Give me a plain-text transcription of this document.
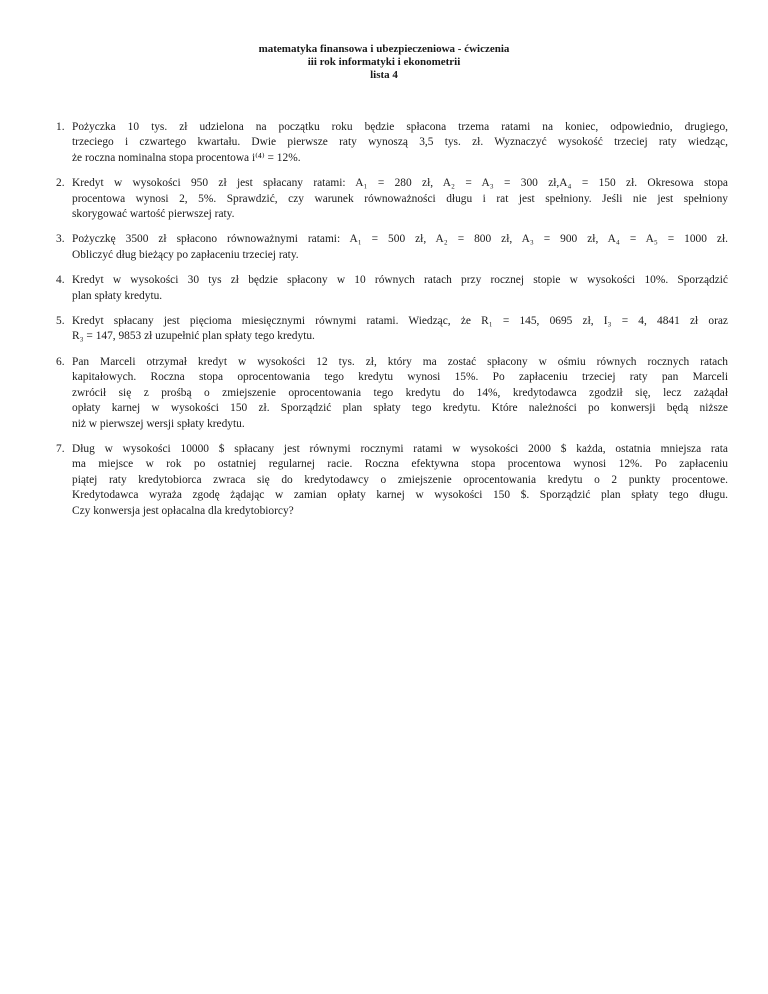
matematyka finansowa i ubezpieczeniowa - ćwiczenia
iii rok informatyki i ekonometrii
lista 4
1. Pożyczka 10 tys. zł udzielona na początku roku będzie spłacona trzema ratami na koniec, odpowiednio, drugiego,
trzeciego i czwartego kwartału. Dwie pierwsze raty wynoszą 3,5 tys. zł. Wyznaczyć wysokość trzeciej raty wiedząc,
że roczna nominalna stopa procentowa i⁽⁴⁾ = 12%.
2. Kredyt w wysokości 950 zł jest spłacany ratami: A₁ = 280 zł, A₂ = A₃ = 300 zł,A₄ = 150 zł. Okresowa stopa
procentowa wynosi 2, 5%. Sprawdzić, czy warunek równoważności długu i rat jest spełniony. Jeśli nie jest spełniony
skorygować wartość pierwszej raty.
3. Pożyczkę 3500 zł spłacono równoważnymi ratami: A₁ = 500 zł, A₂ = 800 zł, A₃ = 900 zł, A₄ = A₅ = 1000 zł.
Obliczyć dług bieżący po zapłaceniu trzeciej raty.
4. Kredyt w wysokości 30 tys zł będzie spłacony w 10 równych ratach przy rocznej stopie w wysokości 10%. Sporządzić
plan spłaty kredytu.
5. Kredyt spłacany jest pięcioma miesięcznymi równymi ratami. Wiedząc, że R₁ = 145, 0695 zł, I₃ = 4, 4841 zł oraz
R₃ = 147, 9853 zł uzupełnić plan spłaty tego kredytu.
6. Pan Marceli otrzymał kredyt w wysokości 12 tys. zł, który ma zostać spłacony w ośmiu równych rocznych ratach
kapitałowych. Roczna stopa oprocentowania tego kredytu wynosi 15%. Po zapłaceniu trzeciej raty pan Marceli
zwrócił się z prośbą o zmiejszenie oprocentowania tego kredytu do 14%, kredytodawca zgodził się, lecz zażądał
opłaty karnej w wysokości 150 zł. Sporządzić plan spłaty tego kredytu. Które należności po konwersji będą niższe
niż w pierwszej wersji spłaty kredytu.
7. Dług w wysokości 10000 $ spłacany jest równymi rocznymi ratami w wysokości 2000 $ każda, ostatnia mniejsza rata
ma miejsce w rok po ostatniej regularnej racie. Roczna efektywna stopa procentowa wynosi 12%. Po zapłaceniu
piątej raty kredytobiorca zwraca się do kredytodawcy o zmiejszenie oprocentowania kredytu o 2 punkty procentowe.
Kredytodawca wyraża zgodę żądając w zamian opłaty karnej w wysokości 150 $. Sporządzić plan spłaty tego długu.
Czy konwersja jest opłacalna dla kredytobiorcy?
